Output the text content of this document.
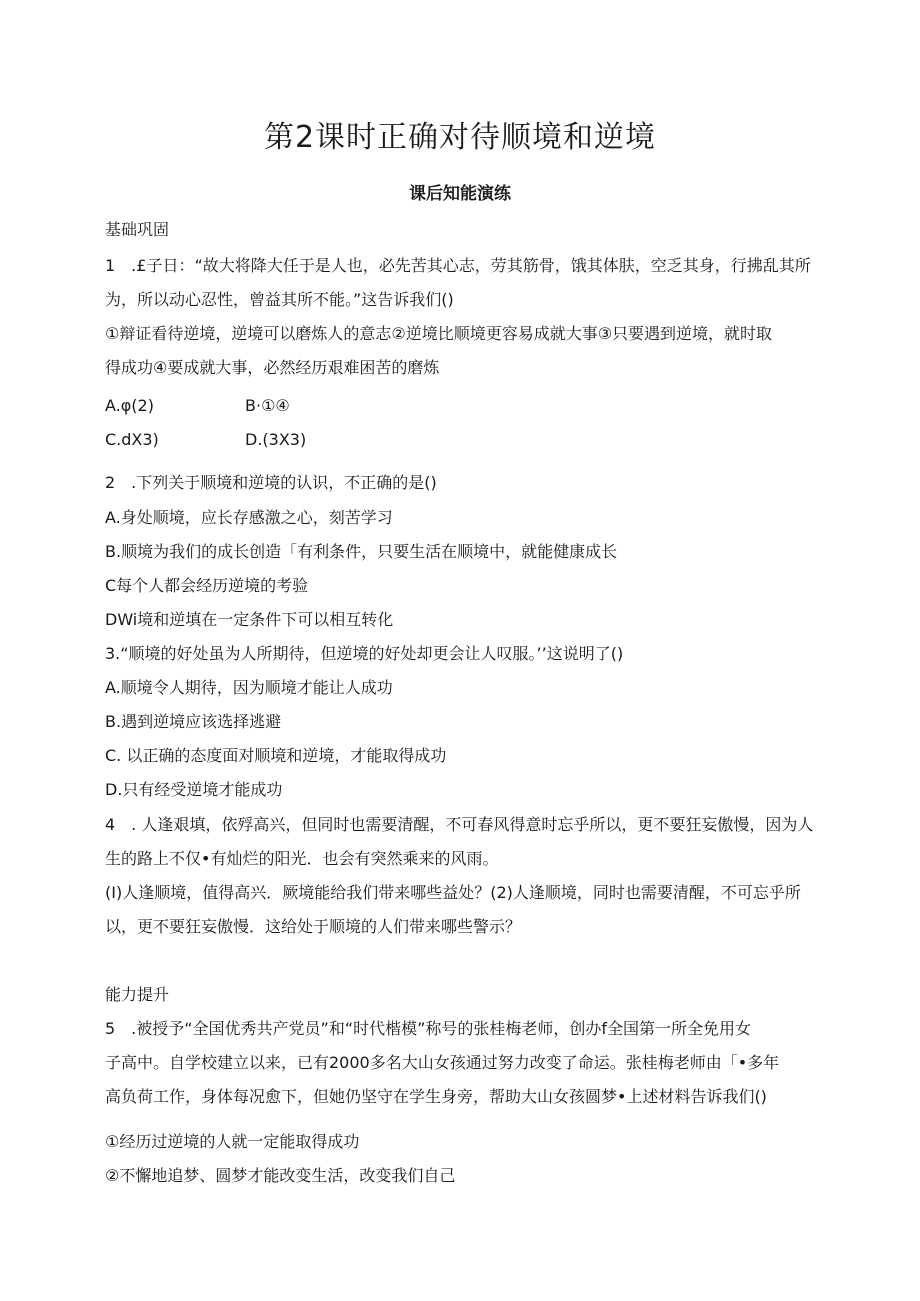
第2课时正确对待顺境和逆境
课后知能演练

基础巩固

1　.£子日：“故大将降大任于是人也，必先苦其心志，劳其筋骨，饿其体肤，空乏其身，行拂乱其所

为，所以动心忍性，曾益其所不能。”这告诉我们()

①辩证看待逆境，逆境可以磨炼人的意志②逆境比顺境更容易成就大事③只要遇到逆境，就时取

得成功④要成就大事，必然经历艰难困苦的磨炼

A.φ(2)	B·①④

C.dX3)	D.(3X3)

2　.下列关于顺境和逆境的认识，不正确的是()

A.身处顺境，应长存感激之心，刻苦学习

B.顺境为我们的成长创造「有利条件，只要生活在顺境中，就能健康成长

C每个人都会经历逆境的考验

DWi境和逆填在一定条件下可以相互转化

3.“顺境的好处虽为人所期待，但逆境的好处却更会让人叹服。’’这说明了()

A.顺境令人期待，因为顺境才能让人成功

B.遇到逆境应该选择逃避

C. 以正确的态度面对顺境和逆境，才能取得成功

D.只有经受逆境才能成功

4　. 人逢艰填，依殍高兴，但同时也需要清醒，不可春风得意时忘乎所以，更不要狂妄傲慢，因为人

生的路上不仅•有灿烂的阳光．也会有突然乘来的风雨。

(I)人逢顺境，值得高兴．厥境能给我们带来哪些益处？(2)人逢顺境，同时也需要清醒，不可忘乎所

以，更不要狂妄傲慢．这给处于顺境的人们带来哪些警示？

能力提升

5　.被授予“全国优秀共产党员”和“时代楷模”称号的张桂梅老师，创办f全国第一所全免用女

子高中。自学校建立以来，已有2000多名大山女孩通过努力改变了命运。张桂梅老师由「•多年

高负荷工作，身体每况愈下，但她仍坚守在学生身旁，帮助大山女孩圆梦•上述材料告诉我们()

①经历过逆境的人就一定能取得成功

②不懈地追梦、圆梦才能改变生活，改变我们自己
